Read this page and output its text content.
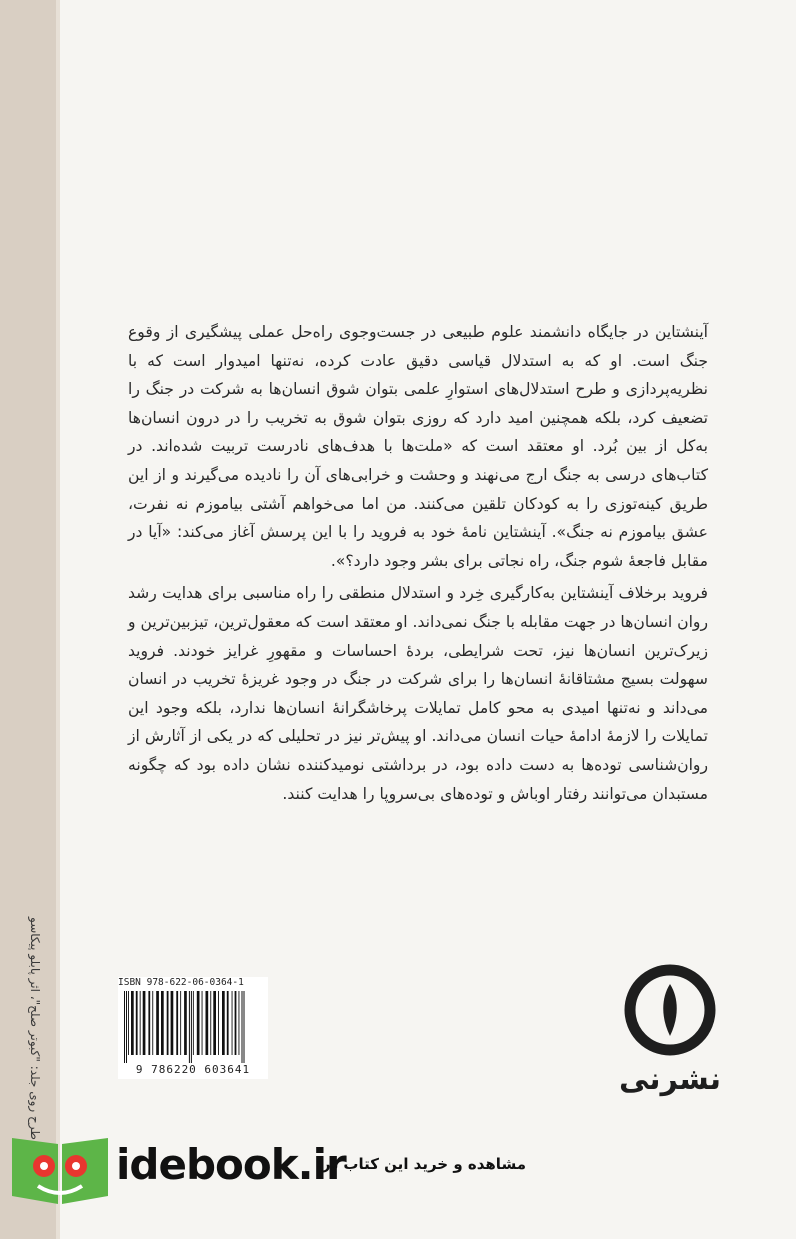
طرح روی جلد: "کبوتر صلح"، اثر پابلو پیکاسو

آینشتاین در جایگاه دانشمند علوم طبیعی در جست‌وجوی راه‌حل عملی پیشگیری از وقوع جنگ است. او که به استدلال قیاسی دقیق عادت کرده، نه‌تنها امیدوار است که با نظریه‌پردازی و طرح استدلال‌های استوارِ علمی بتوان شوق انسان‌ها به شرکت در جنگ را تضعیف کرد، بلکه همچنین امید دارد که روزی بتوان شوق به تخریب را در درون انسان‌ها به‌کل از بین بُرد. او معتقد است که «ملت‌ها با هدف‌های نادرست تربیت شده‌اند. در کتاب‌های درسی به جنگ ارج می‌نهند و وحشت و خرابی‌های آن را نادیده می‌گیرند و از این طریق کینه‌توزی را به کودکان تلقین می‌کنند. من اما می‌خواهم آشتی بیاموزم نه نفرت، عشق بیاموزم نه جنگ». آینشتاین نامهٔ خود به فروید را با این پرسش آغاز می‌کند: «آیا در مقابل فاجعهٔ شوم جنگ، راه نجاتی برای بشر وجود دارد؟».

فروید برخلاف آینشتاین به‌کارگیری خِرد و استدلال منطقی را راه مناسبی برای هدایت رشد روان انسان‌ها در جهت مقابله با جنگ نمی‌داند. او معتقد است که معقول‌ترین، تیزبین‌ترین و زیرک‌ترین انسان‌ها نیز، تحت شرایطی، بردهٔ احساسات و مقهورِ غرایز خودند. فروید سهولت بسیج مشتاقانهٔ انسان‌ها را برای شرکت در جنگ در وجود غریزهٔ تخریب در انسان می‌داند و نه‌تنها امیدی به محو کامل تمایلات پرخاشگرانهٔ انسان‌ها ندارد، بلکه وجود این تمایلات را لازمهٔ ادامهٔ حیات انسان می‌داند. او پیش‌تر نیز در تحلیلی که در یکی از آثارش از روان‌شناسی توده‌ها به دست داده بود، در برداشتی نومیدکننده نشان داده بود که چگونه مستبدان می‌توانند رفتار اوباش و توده‌های بی‌سروپا را هدایت کنند.

ISBN 978-622-06-0364-1
9 786220 603641	نشرنی
idebook.ir
مشاهده و خرید این کتاب در:
